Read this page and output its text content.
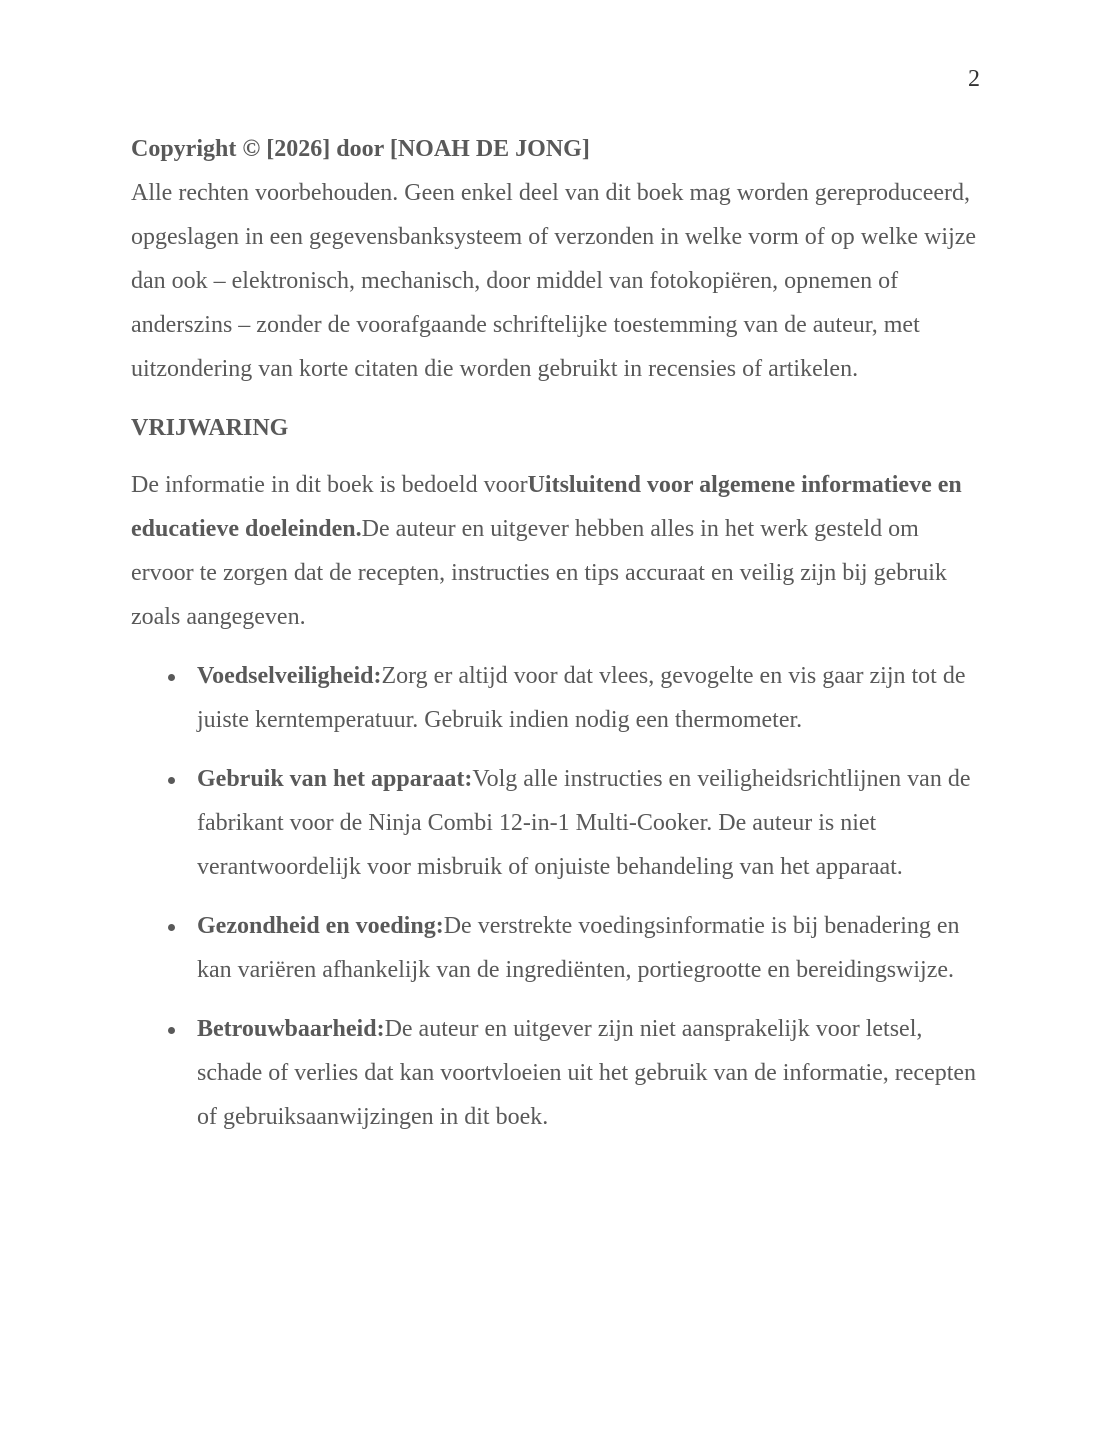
2

Copyright © [2026] door [NOAH DE JONG]

Alle rechten voorbehouden. Geen enkel deel van dit boek mag worden gereproduceerd, opgeslagen in een gegevensbanksysteem of verzonden in welke vorm of op welke wijze dan ook – elektronisch, mechanisch, door middel van fotokopiëren, opnemen of anderszins – zonder de voorafgaande schriftelijke toestemming van de auteur, met uitzondering van korte citaten die worden gebruikt in recensies of artikelen.

VRIJWARING

De informatie in dit boek is bedoeld voorUitsluitend voor algemene informatieve en educatieve doeleinden.De auteur en uitgever hebben alles in het werk gesteld om ervoor te zorgen dat de recepten, instructies en tips accuraat en veilig zijn bij gebruik zoals aangegeven.

Voedselveiligheid:Zorg er altijd voor dat vlees, gevogelte en vis gaar zijn tot de juiste kerntemperatuur. Gebruik indien nodig een thermometer.
Gebruik van het apparaat:Volg alle instructies en veiligheidsrichtlijnen van de fabrikant voor de Ninja Combi 12-in-1 Multi-Cooker. De auteur is niet verantwoordelijk voor misbruik of onjuiste behandeling van het apparaat.
Gezondheid en voeding:De verstrekte voedingsinformatie is bij benadering en kan variëren afhankelijk van de ingrediënten, portiegrootte en bereidingswijze.
Betrouwbaarheid:De auteur en uitgever zijn niet aansprakelijk voor letsel, schade of verlies dat kan voortvloeien uit het gebruik van de informatie, recepten of gebruiksaanwijzingen in dit boek.
